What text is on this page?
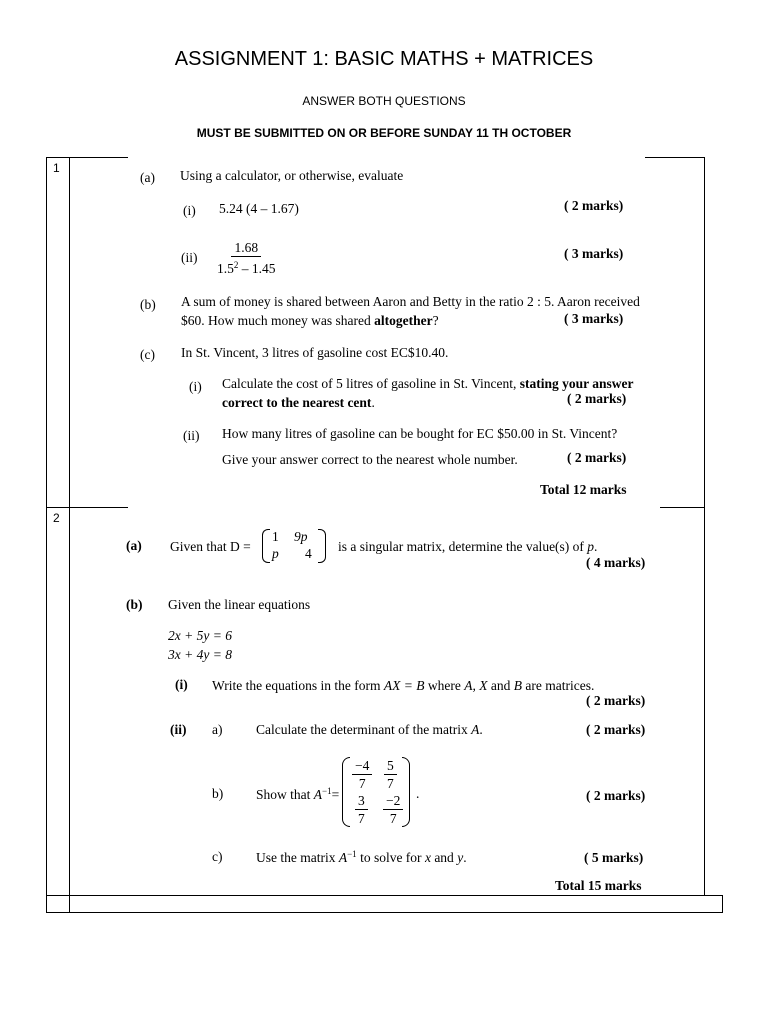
ASSIGNMENT 1: BASIC MATHS + MATRICES
ANSWER BOTH QUESTIONS
MUST BE SUBMITTED ON OR BEFORE SUNDAY 11 TH OCTOBER
1
(a) Using a calculator, or otherwise, evaluate
(i) 5.24 (4 – 1.67)	( 2 marks)
$(ii) \frac{1.68}{1.5^2 - 1.45}$	( 3 marks)
(b) A sum of money is shared between Aaron and Betty in the ratio 2 : 5. Aaron received
$60. How much money was shared altogether?	( 3 marks)
(c) In St. Vincent, 3 litres of gasoline cost EC$10.40.
(i) Calculate the cost of 5 litres of gasoline in St. Vincent, stating your answer
correct to the nearest cent.	( 2 marks)
(ii) How many litres of gasoline can be bought for EC $50.00 in St. Vincent?
Give your answer correct to the nearest whole number.	( 2 marks)
Total 12 marks
2
(a) Given that D =
1 9p
p 4 is a singular matrix, determine the value(s) of p.
( 4 marks)
(b) Given the linear equations
2x + 5y = 6
3x + 4y = 8
(i) Write the equations in the form AX = B where A, X and B are matrices.
( 2 marks)
(ii) a) Calculate the determinant of the matrix A.	( 2 marks)
b) Show that $A^{-1}=$
$\frac{-4}{7} \frac{5}{7}$
$\frac{3}{7} \frac{-2}{7}$ .	( 2 marks)
c) Use the matrix $A^{-1}$ to solve for x and y.	( 5 marks)
Total 15 marks
